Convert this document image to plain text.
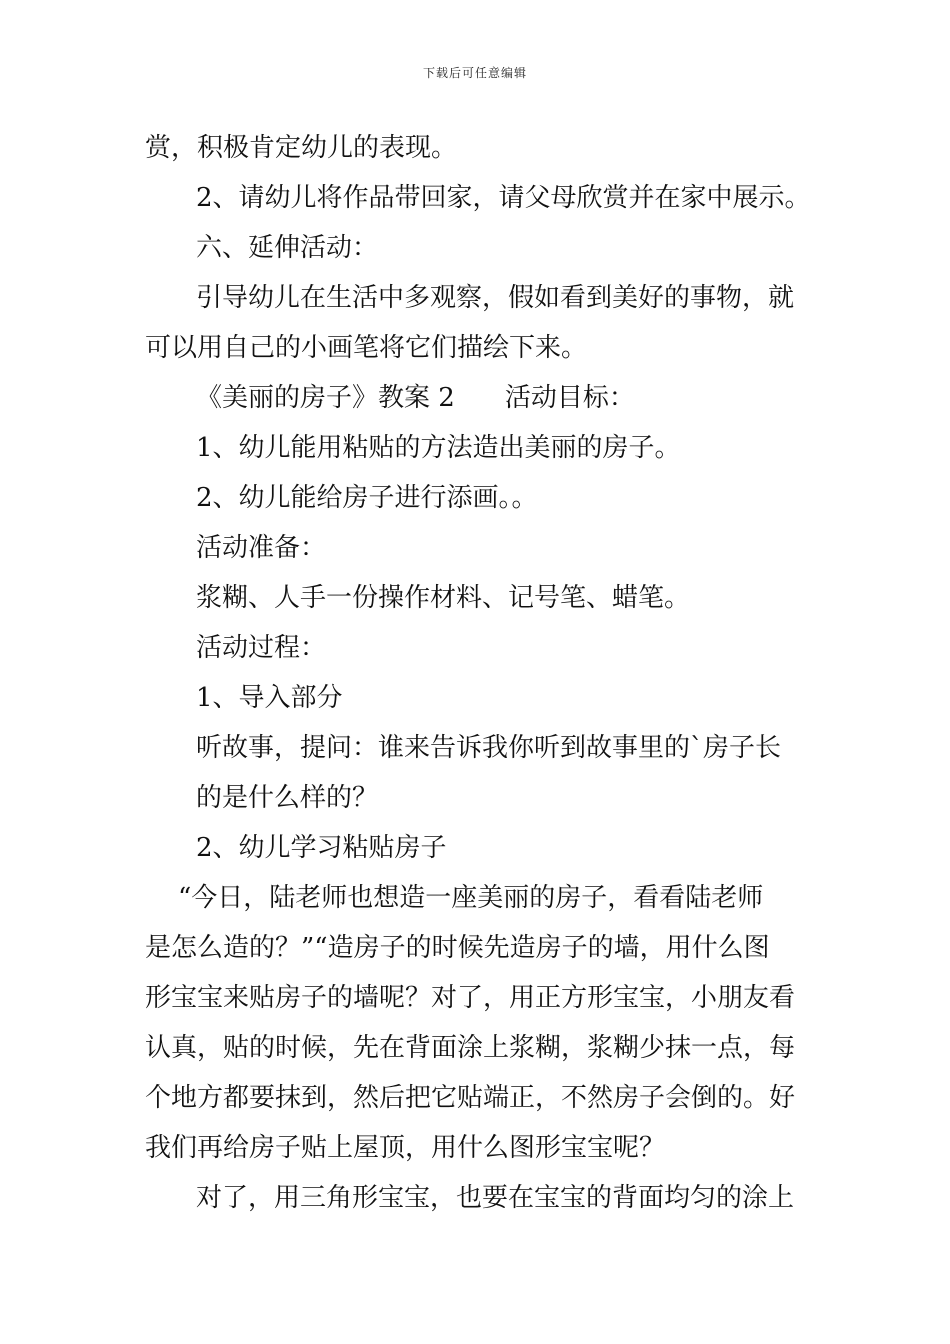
下载后可任意编辑
赏，积极肯定幼儿的表现。
2、请幼儿将作品带回家，请父母欣赏并在家中展示。
六、延伸活动：
引导幼儿在生活中多观察，假如看到美好的事物，就
可以用自己的小画笔将它们描绘下来。
《美丽的房子》教案 2 活动目标：
1、幼儿能用粘贴的方法造出美丽的房子。
2、幼儿能给房子进行添画。。
活动准备：
浆糊、人手一份操作材料、记号笔、蜡笔。
活动过程：
1、导入部分
听故事，提问：谁来告诉我你听到故事里的`房子长
的是什么样的？
2、幼儿学习粘贴房子
“今日，陆老师也想造一座美丽的房子，看看陆老师
是怎么造的？”“造房子的时候先造房子的墙，用什么图
形宝宝来贴房子的墙呢？对了，用正方形宝宝，小朋友看
认真，贴的时候，先在背面涂上浆糊，浆糊少抹一点，每
个地方都要抹到，然后把它贴端正，不然房子会倒的。好
我们再给房子贴上屋顶，用什么图形宝宝呢？
对了，用三角形宝宝，也要在宝宝的背面均匀的涂上
